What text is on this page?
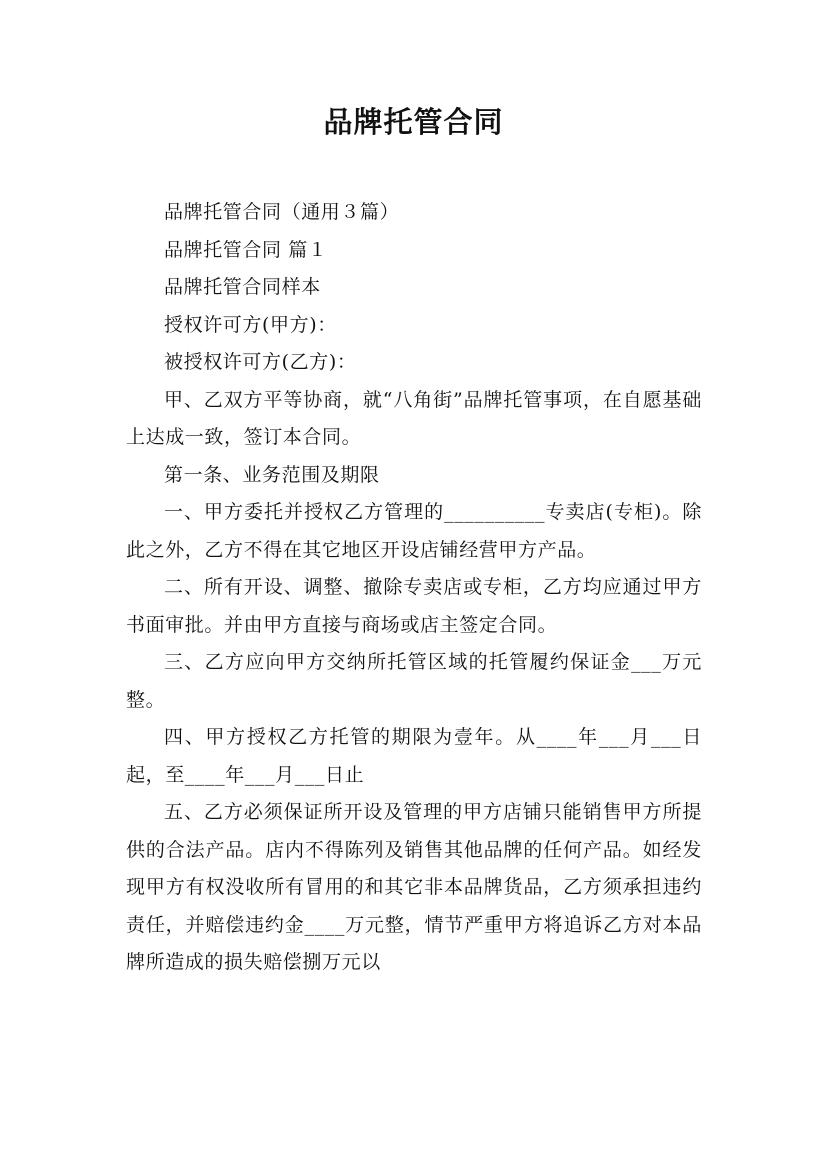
品牌托管合同

品牌托管合同（通用３篇）

品牌托管合同 篇１

品牌托管合同样本

授权许可方(甲方)：

被授权许可方(乙方)：

甲、乙双方平等协商，就“八角街”品牌托管事项，在自愿基础上达成一致，签订本合同。

第一条、业务范围及期限

一、甲方委托并授权乙方管理的__________专卖店(专柜)。除此之外，乙方不得在其它地区开设店铺经营甲方产品。

二、所有开设、调整、撤除专卖店或专柜，乙方均应通过甲方书面审批。并由甲方直接与商场或店主签定合同。

三、乙方应向甲方交纳所托管区域的托管履约保证金___万元整。

四、甲方授权乙方托管的期限为壹年。从____年___月___日起，至____年___月___日止

五、乙方必须保证所开设及管理的甲方店铺只能销售甲方所提供的合法产品。店内不得陈列及销售其他品牌的任何产品。如经发现甲方有权没收所有冒用的和其它非本品牌货品，乙方须承担违约责任，并赔偿违约金____万元整，情节严重甲方将追诉乙方对本品牌所造成的损失赔偿捌万元以
